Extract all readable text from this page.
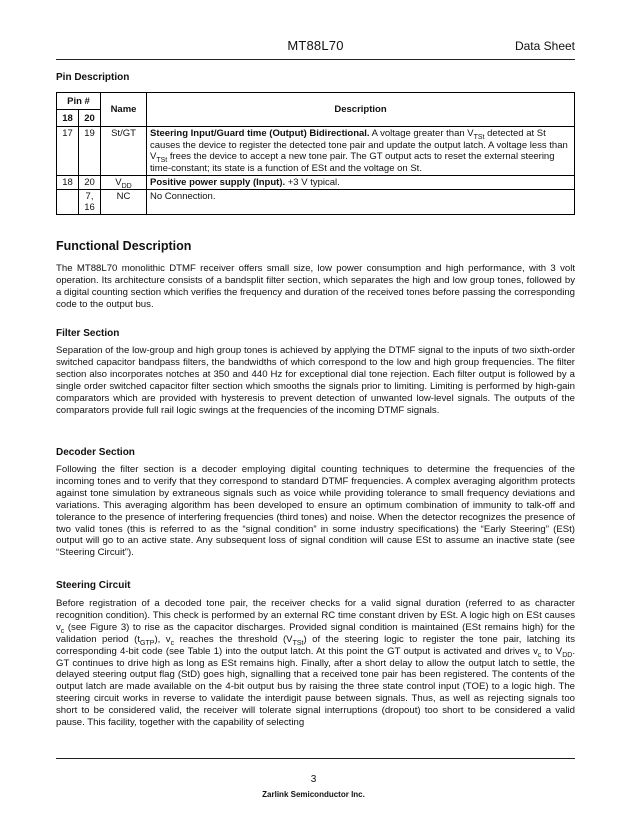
MT88L70	Data Sheet
Pin Description
Pin #		Name	Description
18	20		
17	19	St/GT	Steering Input/Guard time (Output) Bidirectional. A voltage greater than $V_{TSt}$ detected at St causes the device to register the detected tone pair and update the output latch. A voltage less than $V_{TSt}$ frees the device to accept a new tone pair. The GT output acts to reset the external steering time-constant; its state is a function of ESt and the voltage on St.
18	20	$V_{DD}$	Positive power supply (Input). +3 V typical.
	7, 16	NC	No Connection.
Functional Description

The MT88L70 monolithic DTMF receiver offers small size, low power consumption and high performance, with 3 volt operation. Its architecture consists of a bandsplit filter section, which separates the high and low group tones, followed by a digital counting section which verifies the frequency and duration of the received tones before passing the corresponding code to the output bus.

Filter Section

Separation of the low-group and high group tones is achieved by applying the DTMF signal to the inputs of two sixth-order switched capacitor bandpass filters, the bandwidths of which correspond to the low and high group frequencies. The filter section also incorporates notches at 350 and 440 Hz for exceptional dial tone rejection. Each filter output is followed by a single order switched capacitor filter section which smooths the signals prior to limiting. Limiting is performed by high-gain comparators which are provided with hysteresis to prevent detection of unwanted low-level signals. The outputs of the comparators provide full rail logic swings at the frequencies of the incoming DTMF signals.

Decoder Section

Following the filter section is a decoder employing digital counting techniques to determine the frequencies of the incoming tones and to verify that they correspond to standard DTMF frequencies. A complex averaging algorithm protects against tone simulation by extraneous signals such as voice while providing tolerance to small frequency deviations and variations. This averaging algorithm has been developed to ensure an optimum combination of immunity to talk-off and tolerance to the presence of interfering frequencies (third tones) and noise. When the detector recognizes the presence of two valid tones (this is referred to as the “signal condition” in some industry specifications) the “Early Steering” (ESt) output will go to an active state. Any subsequent loss of signal condition will cause ESt to assume an inactive state (see “Steering Circuit”).

Steering Circuit

Before registration of a decoded tone pair, the receiver checks for a valid signal duration (referred to as character recognition condition). This check is performed by an external RC time constant driven by ESt. A logic high on ESt causes $v_c$ (see Figure 3) to rise as the capacitor discharges. Provided signal condition is maintained (ESt remains high) for the validation period $(t_{GTP})$, $v_c$ reaches the threshold $(V_{TSt})$ of the steering logic to register the tone pair, latching its corresponding 4-bit code (see Table 1) into the output latch. At this point the GT output is activated and drives $v_c$ to $V_{DD}$. GT continues to drive high as long as ESt remains high. Finally, after a short delay to allow the output latch to settle, the delayed steering output flag (StD) goes high, signalling that a received tone pair has been registered. The contents of the output latch are made available on the 4-bit output bus by raising the three state control input (TOE) to a logic high. The steering circuit works in reverse to validate the interdigit pause between signals. Thus, as well as rejecting signals too short to be considered valid, the receiver will tolerate signal interruptions (dropout) too short to be considered a valid pause. This facility, together with the capability of selecting

3
Zarlink Semiconductor Inc.
